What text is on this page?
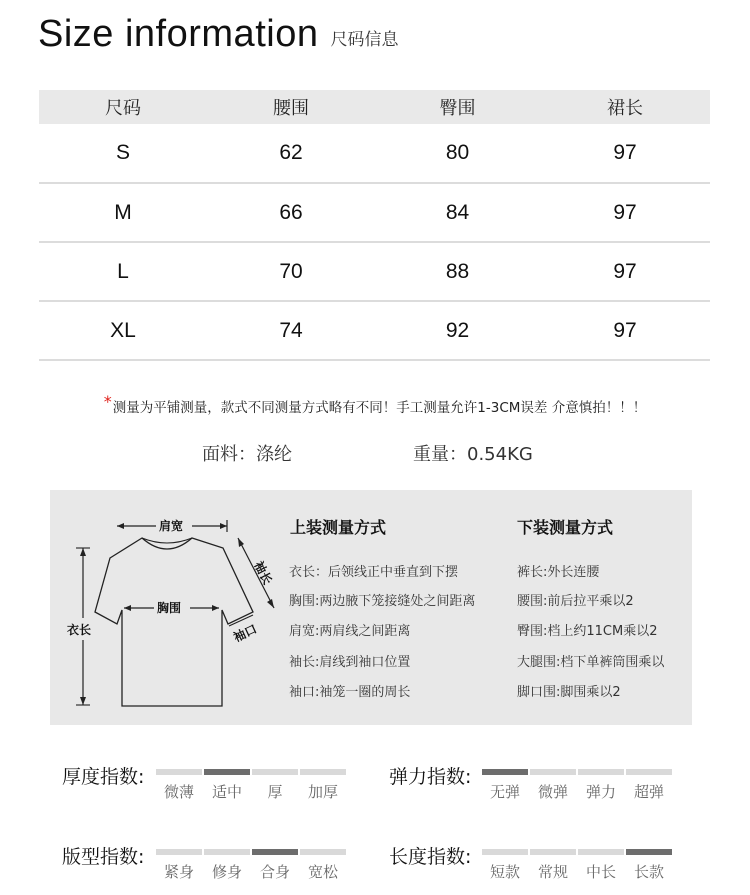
Size information 尺码信息
尺码	腰围	臀围	裙长
S	62	80	97
M	66	84	97
L	70	88	97
XL	74	92	97
*测量为平铺测量，款式不同测量方式略有不同！手工测量允许1-3CM误差 介意慎拍！！！
面料：涤纶	重量：0.54KG
肩宽
胸围
衣长
袖长
袖口
上装测量方式
衣长：后领线正中垂直到下摆
胸围:两边腋下笼接缝处之间距离
肩宽:两肩线之间距离
袖长:肩线到袖口位置
袖口:袖笼一圈的周长
下装测量方式
裤长:外长连腰
腰围:前后拉平乘以2
臀围:档上约11CM乘以2
大腿围:档下单裤筒围乘以
脚口围:脚围乘以2
厚度指数:
微薄	适中	厚	加厚
弹力指数:
无弹	微弹	弹力	超弹
版型指数:
紧身	修身	合身	宽松
长度指数:
短款	常规	中长	长款
